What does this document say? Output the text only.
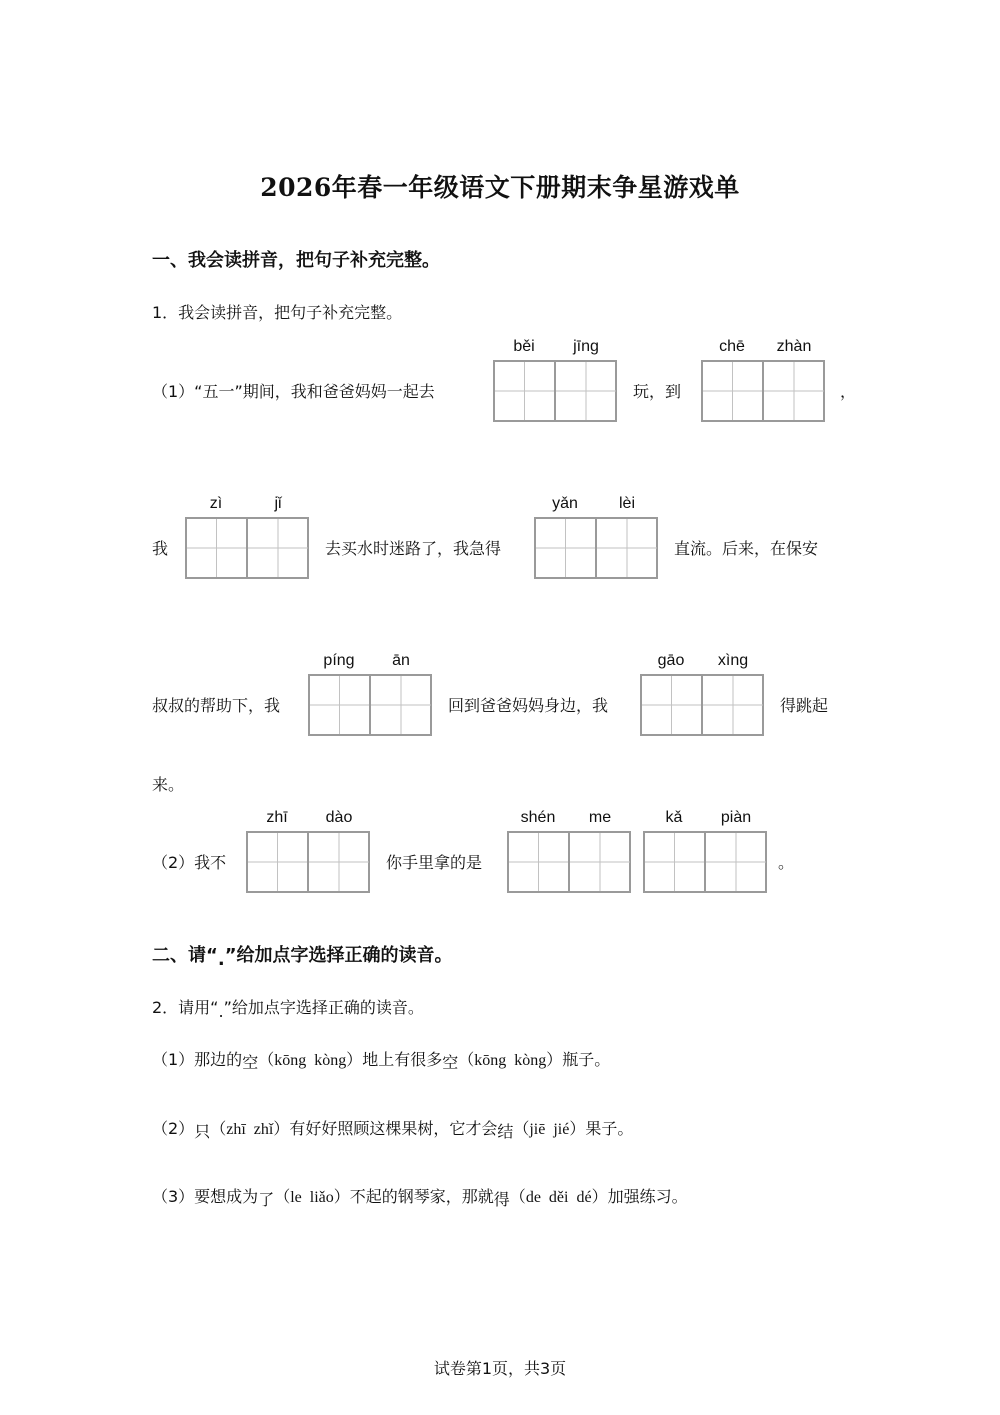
2026年春一年级语文下册期末争星游戏单
一、我会读拼音，把句子补充完整。
1．我会读拼音，把句子补充完整。
（1）“五一”期间，我和爸爸妈妈一起去
běi	jīng
玩，到
chē	zhàn
，
我
zì	jǐ
去买水时迷路了，我急得
yǎn	lèi
直流。后来，在保安
叔叔的帮助下，我
píng	ān
回到爸爸妈妈身边，我
gāo	xìng
得跳起
来。
（2）我不
zhī	dào
你手里拿的是
shén	me	kǎ	piàn
。
二、请“.”给加点字选择正确的读音。
2．请用“.”给加点字选择正确的读音。
（1）那边的空（kōng  kòng）地上有很多空（kōng  kòng）瓶子。
（2）只（zhī  zhǐ）有好好照顾这棵果树，它才会结（jiē  jié）果子。
（3）要想成为了（le  liǎo）不起的钢琴家，那就得（de  děi  dé）加强练习。
试卷第1页，共3页
